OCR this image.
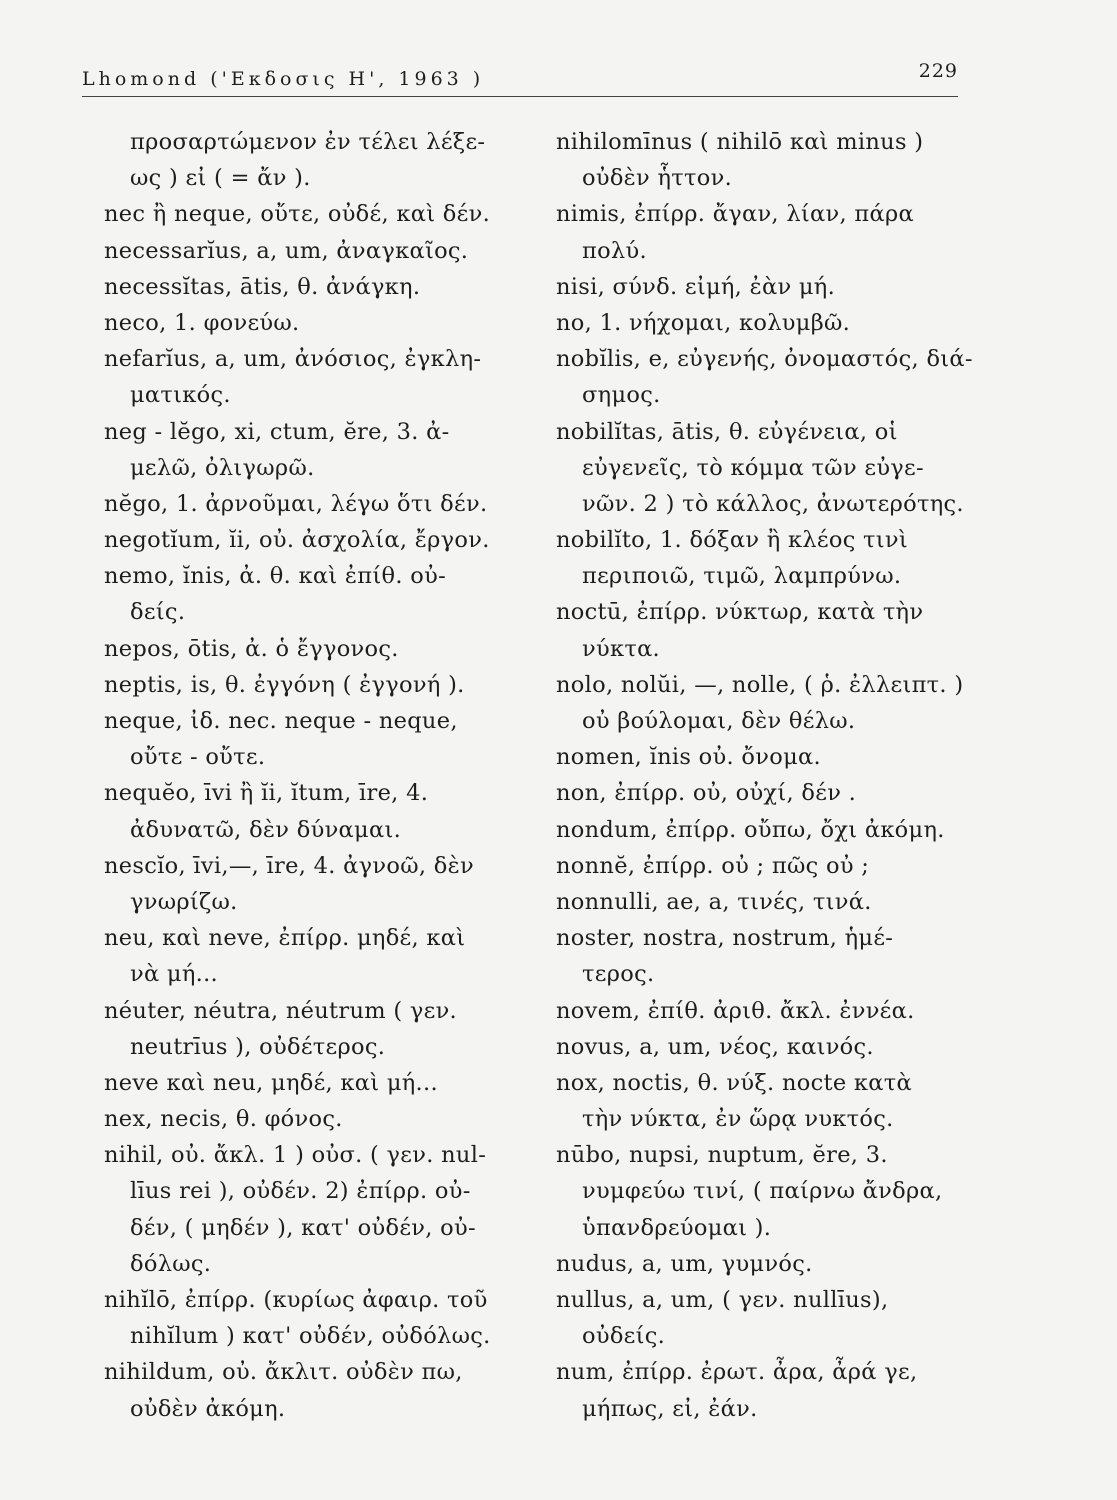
Lhomond ('Εκδοσις Η', 1963 )	229
προσαρτώμενον ἐν τέλει λέξε-
ως ) εἰ ( = ἄν ).
nec ἢ neque, οὔτε, οὐδέ, καὶ δέν.
necessarĭus, a, um, ἀναγκαῖος.
necessĭtas, ātis, θ. ἀνάγκη.
neco, 1. φονεύω.
nefarĭus, a, um, ἀνόσιος, ἐγκλη-
ματικός.
neg - lĕgo, xi, ctum, ĕre, 3. ἀ-
μελῶ, ὀλιγωρῶ.
nĕgo, 1. ἀρνοῦμαι, λέγω ὅτι δέν.
negotĭum, ĭi, οὐ. ἀσχολία, ἔργον.
nemo, ĭnis, ἀ. θ. καὶ ἐπίθ. οὐ-
δείς.
nepos, ōtis, ἀ. ὁ ἔγγονος.
neptis, is, θ. ἐγγόνη ( ἐγγονή ).
neque, ἰδ. nec. neque - neque,
οὔτε - οὔτε.
nequĕo, īvi ἢ ĭi, ĭtum, īre, 4.
ἀδυνατῶ, δὲν δύναμαι.
nescĭo, īvi,—, īre, 4. ἀγνοῶ, δὲν
γνωρίζω.
neu, καὶ neve, ἐπίρρ. μηδέ, καὶ
νὰ μή...
néuter, néutra, néutrum ( γεν.
neutrīus ), οὐδέτερος.
neve καὶ neu, μηδέ, καὶ μή...
nex, necis, θ. φόνος.
nihil, οὐ. ἄκλ. 1 ) οὐσ. ( γεν. nul-
līus rei ), οὐδέν. 2) ἐπίρρ. οὐ-
δέν, ( μηδέν ), κατ' οὐδέν, οὐ-
δόλως.
nihĭlō, ἐπίρρ. (κυρίως ἀφαιρ. τοῦ
nihĭlum ) κατ' οὐδέν, οὐδόλως.
nihildum, οὐ. ἄκλιτ. οὐδὲν πω,
οὐδὲν ἀκόμη.
nihilomīnus ( nihilō καὶ minus )
οὐδὲν ἧττον.
nimis, ἐπίρρ. ἄγαν, λίαν, πάρα
πολύ.
nisi, σύνδ. εἰμή, ἐὰν μή.
no, 1. νήχομαι, κολυμβῶ.
nobĭlis, e, εὐγενής, ὀνομαστός, διά-
σημος.
nobilĭtas, ātis, θ. εὐγένεια, οἱ
εὐγενεῖς, τὸ κόμμα τῶν εὐγε-
νῶν. 2 ) τὸ κάλλος, ἀνωτερότης.
nobilĭto, 1. δόξαν ἢ κλέος τινὶ
περιποιῶ, τιμῶ, λαμπρύνω.
noctū, ἐπίρρ. νύκτωρ, κατὰ τὴν
νύκτα.
nolo, nolŭi, —, nolle, ( ῥ. ἐλλειπτ. )
οὐ βούλομαι, δὲν θέλω.
nomen, ĭnis οὐ. ὄνομα.
non, ἐπίρρ. οὐ, οὐχί, δέν .
nondum, ἐπίρρ. οὔπω, ὄχι ἀκόμη.
nonnĕ, ἐπίρρ. οὐ ; πῶς οὐ ;
nonnulli, ae, a, τινές, τινά.
noster, nostra, nostrum, ἡμέ-
τερος.
novem, ἐπίθ. ἀριθ. ἄκλ. ἐννέα.
novus, a, um, νέος, καινός.
nox, noctis, θ. νύξ. nocte κατὰ
τὴν νύκτα, ἐν ὥρᾳ νυκτός.
nūbo, nupsi, nuptum, ĕre, 3.
νυμφεύω τινί, ( παίρνω ἄνδρα,
ὑπανδρεύομαι ).
nudus, a, um, γυμνός.
nullus, a, um, ( γεν. nullīus),
οὐδείς.
num, ἐπίρρ. ἐρωτ. ἆρα, ἆρά γε,
μήπως, εἰ, ἐάν.
